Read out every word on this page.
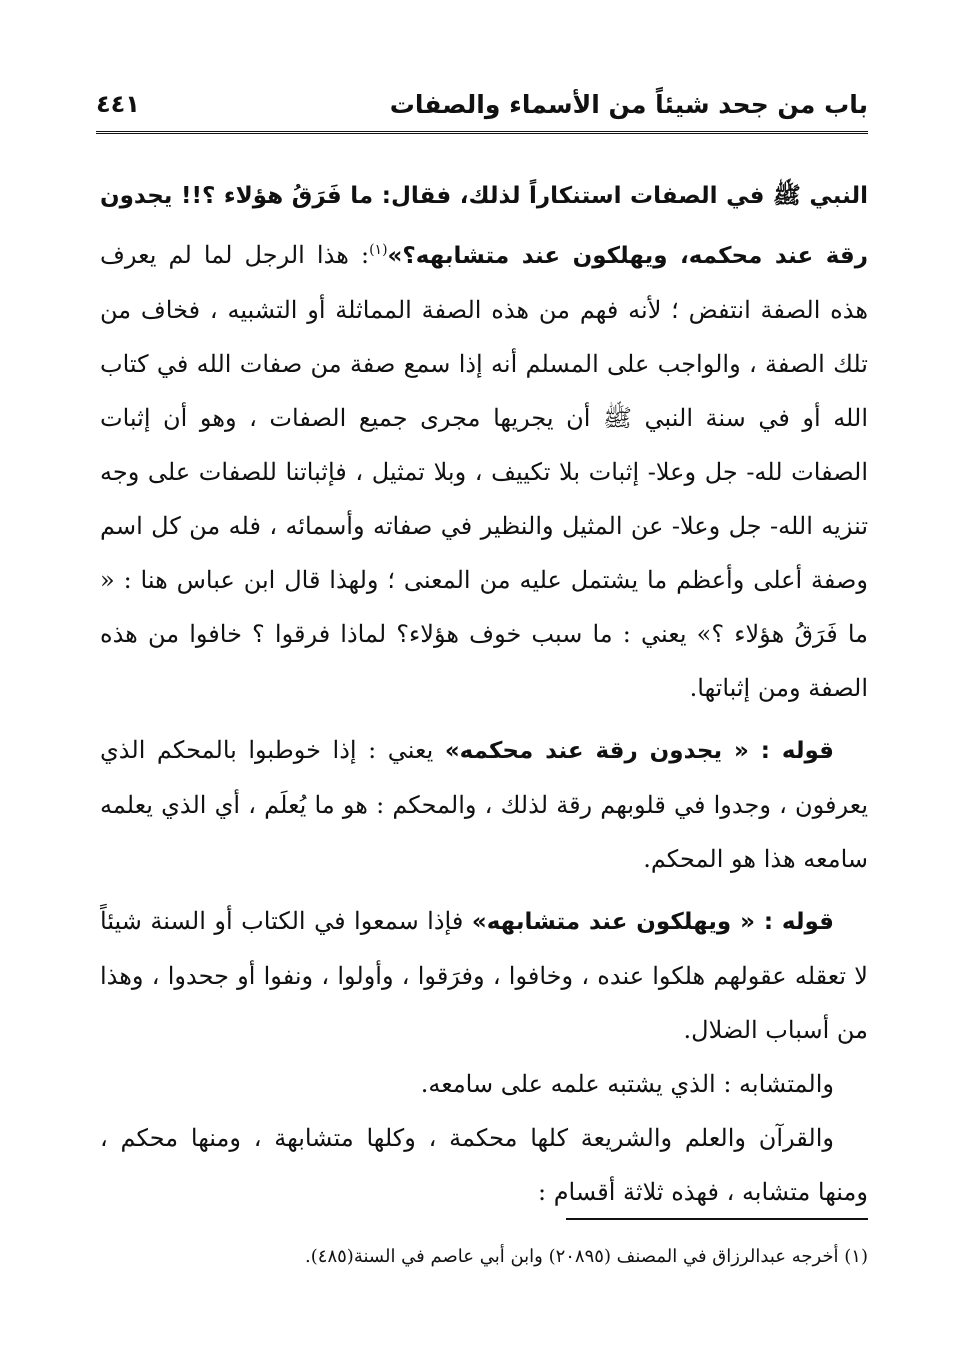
باب من جحد شيئاً من الأسماء والصفات
٤٤١

النبي ﷺ في الصفات استنكاراً لذلك، فقال: ما فَرَقُ هؤلاء ؟!! يجدون رقة عند محكمه، ويهلكون عند متشابهه؟»$^{(١)}$: هذا الرجل لما لم يعرف هذه الصفة انتفض ؛ لأنه فهم من هذه الصفة المماثلة أو التشبيه ، فخاف من تلك الصفة ، والواجب على المسلم أنه إذا سمع صفة من صفات الله في كتاب الله أو في سنة النبي ﷺ أن يجريها مجرى جميع الصفات ، وهو أن إثبات الصفات لله- جل وعلا- إثبات بلا تكييف ، وبلا تمثيل ، فإثباتنا للصفات على وجه تنزيه الله- جل وعلا- عن المثيل والنظير في صفاته وأسمائه ، فله من كل اسم وصفة أعلى وأعظم ما يشتمل عليه من المعنى ؛ ولهذا قال ابن عباس هنا : « ما فَرَقُ هؤلاء ؟» يعني : ما سبب خوف هؤلاء؟ لماذا فرقوا ؟ خافوا من هذه الصفة ومن إثباتها.

قوله : « يجدون رقة عند محكمه» يعني : إذا خوطبوا بالمحكم الذي يعرفون ، وجدوا في قلوبهم رقة لذلك ، والمحكم : هو ما يُعلَم ، أي الذي يعلمه سامعه هذا هو المحكم.

قوله : « ويهلكون عند متشابهه» فإذا سمعوا في الكتاب أو السنة شيئاً لا تعقله عقولهم هلكوا عنده ، وخافوا ، وفرَقوا ، وأولوا ، ونفوا أو جحدوا ، وهذا من أسباب الضلال.

والمتشابه : الذي يشتبه علمه على سامعه.

والقرآن والعلم والشريعة كلها محكمة ، وكلها متشابهة ، ومنها محكم ، ومنها متشابه ، فهذه ثلاثة أقسام :

(١) أخرجه عبدالرزاق في المصنف (٢٠٨٩٥) وابن أبي عاصم في السنة(٤٨٥).
